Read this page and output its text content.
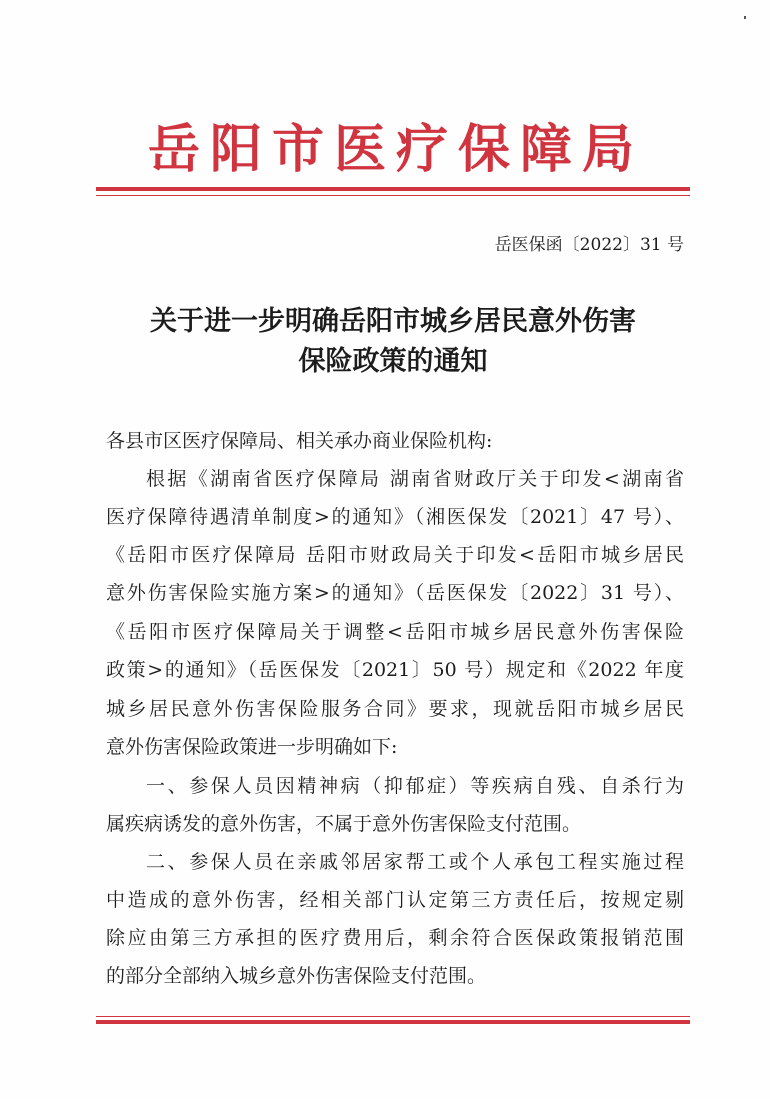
岳阳市医疗保障局
岳医保函〔2022〕31 号
关于进一步明确岳阳市城乡居民意外伤害
保险政策的通知
各县市区医疗保障局、相关承办商业保险机构:
根据《湖南省医疗保障局 湖南省财政厅关于印发<湖南省
医疗保障待遇清单制度>的通知》（湘医保发〔2021〕47 号）、
《岳阳市医疗保障局 岳阳市财政局关于印发<岳阳市城乡居民
意外伤害保险实施方案>的通知》（岳医保发〔2022〕31 号）、
《岳阳市医疗保障局关于调整<岳阳市城乡居民意外伤害保险
政策>的通知》（岳医保发〔2021〕50 号）规定和《2022 年度
城乡居民意外伤害保险服务合同》要求，现就岳阳市城乡居民
意外伤害保险政策进一步明确如下:
一、参保人员因精神病（抑郁症）等疾病自残、自杀行为
属疾病诱发的意外伤害，不属于意外伤害保险支付范围。
二、参保人员在亲戚邻居家帮工或个人承包工程实施过程
中造成的意外伤害，经相关部门认定第三方责任后，按规定剔
除应由第三方承担的医疗费用后，剩余符合医保政策报销范围
的部分全部纳入城乡意外伤害保险支付范围。
